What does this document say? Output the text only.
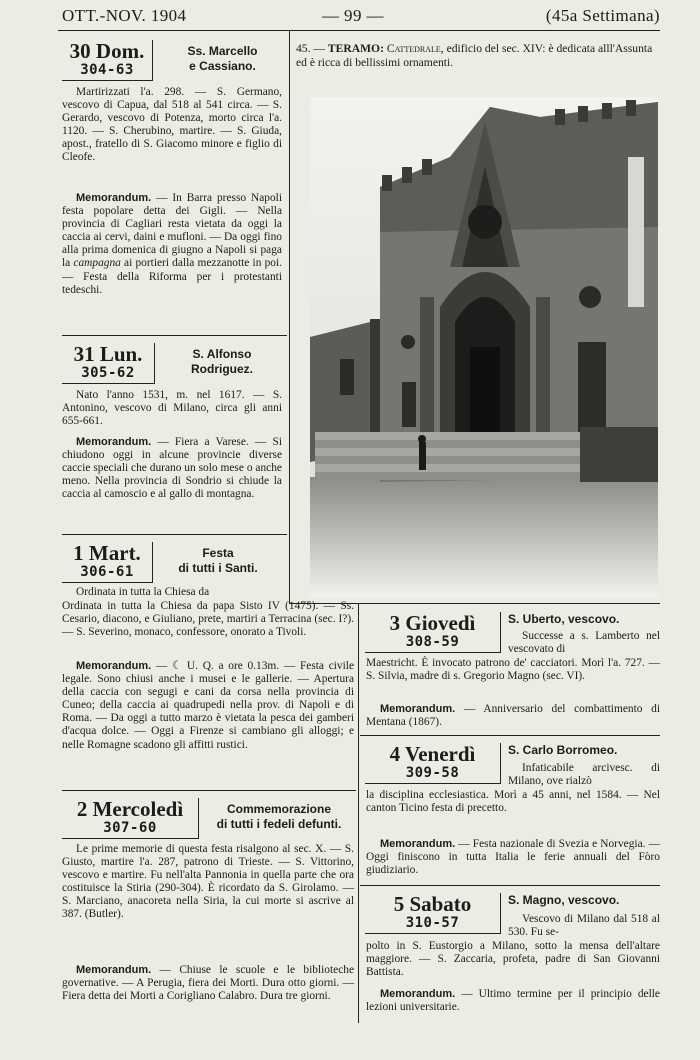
OTT.-NOV. 1904	— 99 —	(45a Settimana)
30 Dom.
304-63
Ss. Marcello
e Cassiano.

Martirizzati l'a. 298. — S. Germano, vescovo di Capua, dal 518 al 541 circa. — S. Gerardo, vescovo di Potenza, morto circa l'a. 1120. — S. Cherubino, martire. — S. Giuda, apost., fratello di S. Giacomo minore e figlio di Cleofe.

Memorandum. — In Barra presso Napoli festa popolare detta dei Gigli. — Nella provincia di Cagliari resta vietata da oggi la caccia ai cervi, daini e mufloni. — Da oggi fino alla prima domenica di giugno a Napoli si paga la campagna ai portieri dalla mezzanotte in poi. — Festa della Riforma per i protestanti tedeschi.

31 Lun.
305-62
S. Alfonso
Rodriguez.

Nato l'anno 1531, m. nel 1617. — S. Antonino, vescovo di Milano, circa gli anni 655-661.

Memorandum. — Fiera a Varese. — Si chiudono oggi in alcune provincie diverse caccie speciali che durano un solo mese o anche meno. Nella provincia di Sondrio si chiude la caccia al camoscio e al gallo di montagna.

1 Mart.
306-61
Festa
di tutti i Santi.

Ordinata in tutta la Chiesa da

Ordinata in tutta la Chiesa da papa Sisto IV (1475). — Ss. Cesario, diacono, e Giuliano, prete, martiri a Terracina (sec. I?). — S. Severino, monaco, confessore, onorato a Tivoli.

Memorandum. — ☾ U. Q. a ore 0.13m. — Festa civile legale. Sono chiusi anche i musei e le gallerie. — Apertura della caccia con segugi e cani da corsa nella provincia di Cuneo; della caccia ai quadrupedi nella prov. di Napoli e di Roma. — Da oggi a tutto marzo è vietata la pesca dei gamberi d'acqua dolce. — Oggi a Firenze si cambiano gli alloggi; e nelle Romagne scadono gli affitti rustici.

2 Mercoledì
307-60
Commemorazione
di tutti i fedeli defunti.

Le prime memorie di questa festa risalgono al sec. X. — S. Giusto, martire l'a. 287, patrono di Trieste. — S. Vittorino, vescovo e martire. Fu nell'alta Pannonia in quella parte che ora costituisce la Stiria (290-304). È ricordato da S. Girolamo. — S. Marciano, anacoreta nella Siria, la cui morte si ascrive al 387. (Butler).

Memorandum. — Chiuse le scuole e le biblioteche governative. — A Perugia, fiera dei Morti. Dura otto giorni. — Fiera detta dei Morti a Corigliano Calabro. Dura tre giorni.

45. — TERAMO: Cattedrale, edificio del sec. XIV: è dedicata alll'Assunta ed è ricca di bellissimi ornamenti.
3 Giovedì
308-59
S. Uberto, vescovo.

Successe a s. Lamberto nel vescovato di

Maestricht. È invocato patrono de' cacciatori. Morì l'a. 727. — S. Silvia, madre di s. Gregorio Magno (sec. VI).

Memorandum. — Anniversario del combattimento di Mentana (1867).

4 Venerdì
309-58
S. Carlo Borromeo.

Infaticabile arcivesc. di Milano, ove rialzò

la disciplina ecclesiastica. Morì a 45 anni, nel 1584. — Nel canton Ticino festa di precetto.

Memorandum. — Festa nazionale di Svezia e Norvegia. — Oggi finiscono in tutta Italia le ferie annuali del Fòro giudiziario.

5 Sabato
310-57
S. Magno, vescovo.

Vescovo di Milano dal 518 al 530. Fu se-

polto in S. Eustorgio a Milano, sotto la mensa dell'altare maggiore. — S. Zaccaria, profeta, padre di San Giovanni Battista.

Memorandum. — Ultimo termine per il principio delle lezioni universitarie.
